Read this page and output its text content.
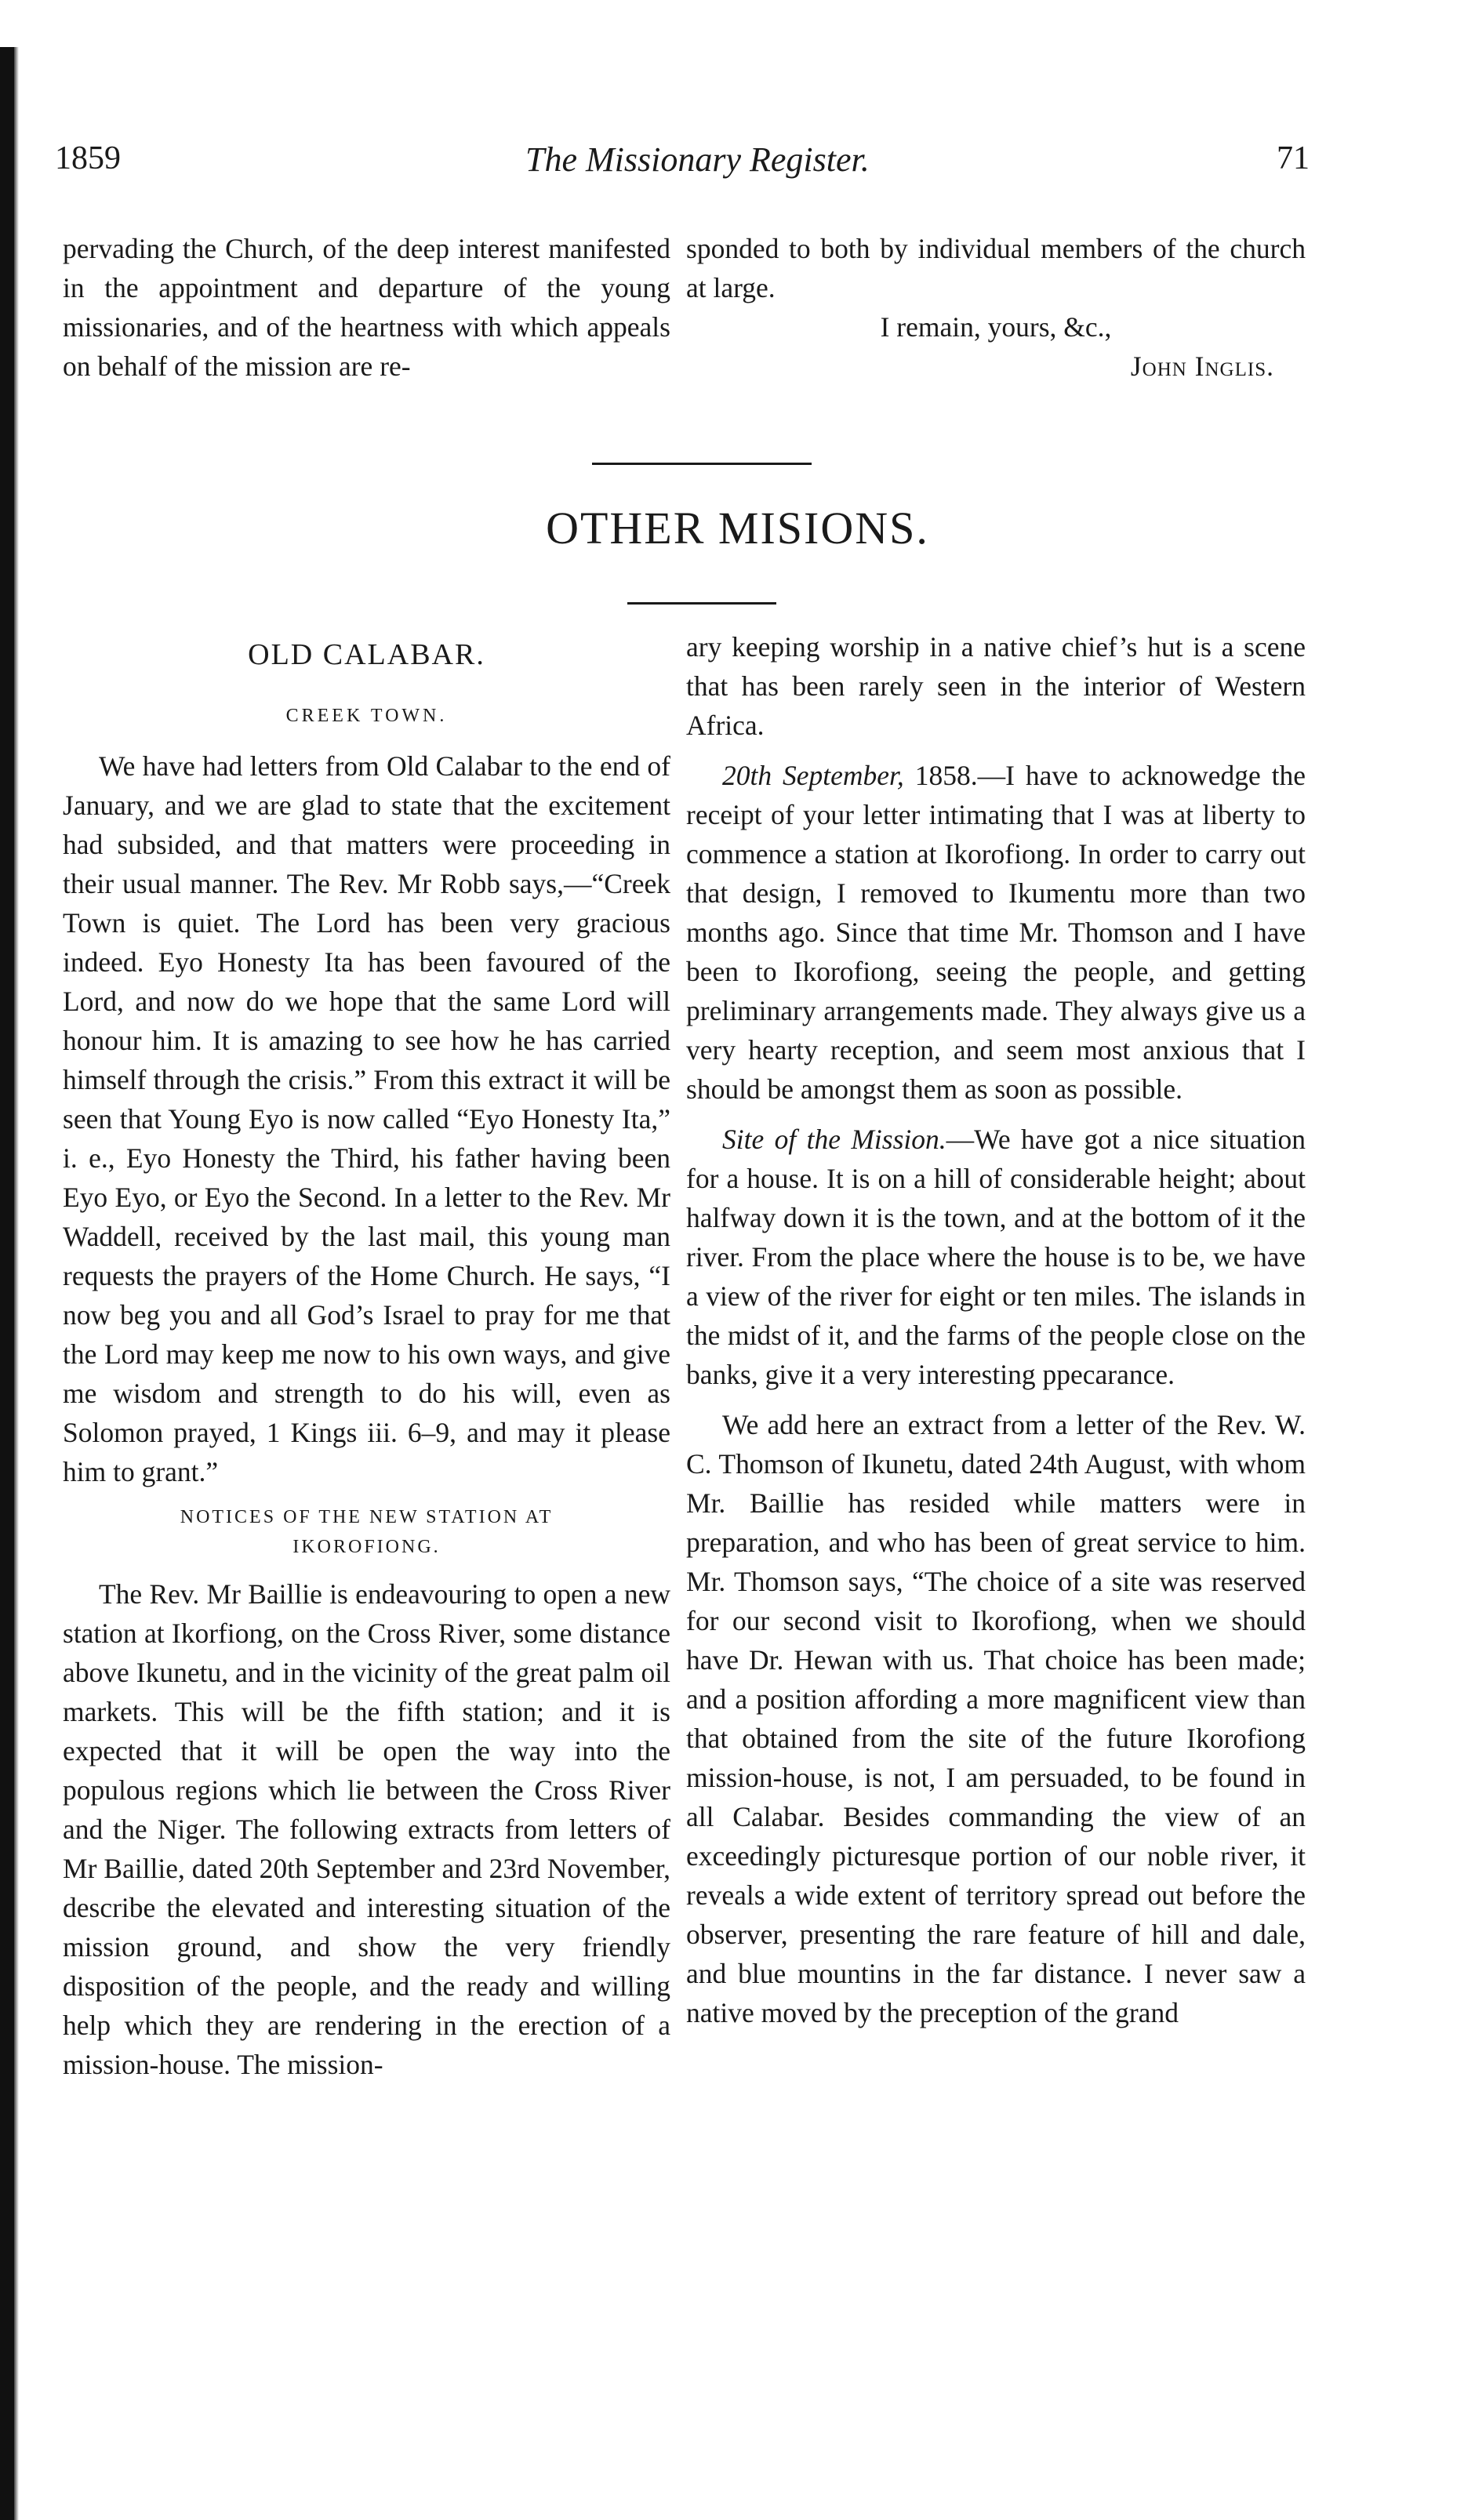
1859	The Missionary Register.	71

pervading the Church, of the deep interest manifested in the appointment and departure of the young missionaries, and of the heartness with which appeals on behalf of the mission are re-

sponded to both by individual members of the church at large.

I remain, yours, &c.,

John Inglis.

OTHER MISIONS.
OLD CALABAR.
CREEK TOWN.

We have had letters from Old Calabar to the end of January, and we are glad to state that the excitement had subsided, and that matters were proceeding in their usual manner. The Rev. Mr Robb says,—“Creek Town is quiet. The Lord has been very gracious indeed. Eyo Honesty Ita has been favoured of the Lord, and now do we hope that the same Lord will honour him. It is amazing to see how he has carried himself through the crisis.” From this extract it will be seen that Young Eyo is now called “Eyo Honesty Ita,” i. e., Eyo Honesty the Third, his father having been Eyo Eyo, or Eyo the Second. In a letter to the Rev. Mr Waddell, received by the last mail, this young man requests the prayers of the Home Church. He says, “I now beg you and all God’s Israel to pray for me that the Lord may keep me now to his own ways, and give me wisdom and strength to do his will, even as Solomon prayed, 1 Kings iii. 6–9, and may it please him to grant.”

NOTICES OF THE NEW STATION AT
IKOROFIONG.

The Rev. Mr Baillie is endeavouring to open a new station at Ikorfiong, on the Cross River, some distance above Ikunetu, and in the vicinity of the great palm oil markets. This will be the fifth station; and it is expected that it will be open the way into the populous regions which lie between the Cross River and the Niger. The following extracts from letters of Mr Baillie, dated 20th September and 23rd November, describe the elevated and interesting situation of the mission ground, and show the very friendly disposition of the people, and the ready and willing help which they are rendering in the erection of a mission-house. The mission-

ary keeping worship in a native chief’s hut is a scene that has been rarely seen in the interior of Western Africa.

20th September, 1858.—I have to acknowedge the receipt of your letter intimating that I was at liberty to commence a station at Ikorofiong. In order to carry out that design, I removed to Ikumentu more than two months ago. Since that time Mr. Thomson and I have been to Ikorofiong, seeing the people, and getting preliminary arrangements made. They always give us a very hearty reception, and seem most anxious that I should be amongst them as soon as possible.

Site of the Mission.—We have got a nice situation for a house. It is on a hill of considerable height; about halfway down it is the town, and at the bottom of it the river. From the place where the house is to be, we have a view of the river for eight or ten miles. The islands in the midst of it, and the farms of the people close on the banks, give it a very interesting ppecarance.

We add here an extract from a letter of the Rev. W. C. Thomson of Ikunetu, dated 24th August, with whom Mr. Baillie has resided while matters were in preparation, and who has been of great service to him. Mr. Thomson says, “The choice of a site was reserved for our second visit to Ikorofiong, when we should have Dr. Hewan with us. That choice has been made; and a position affording a more magnificent view than that obtained from the site of the future Ikorofiong mission-house, is not, I am persuaded, to be found in all Calabar. Besides commanding the view of an exceedingly picturesque portion of our noble river, it reveals a wide extent of territory spread out before the observer, presenting the rare feature of hill and dale, and blue mountins in the far distance. I never saw a native moved by the preception of the grand
